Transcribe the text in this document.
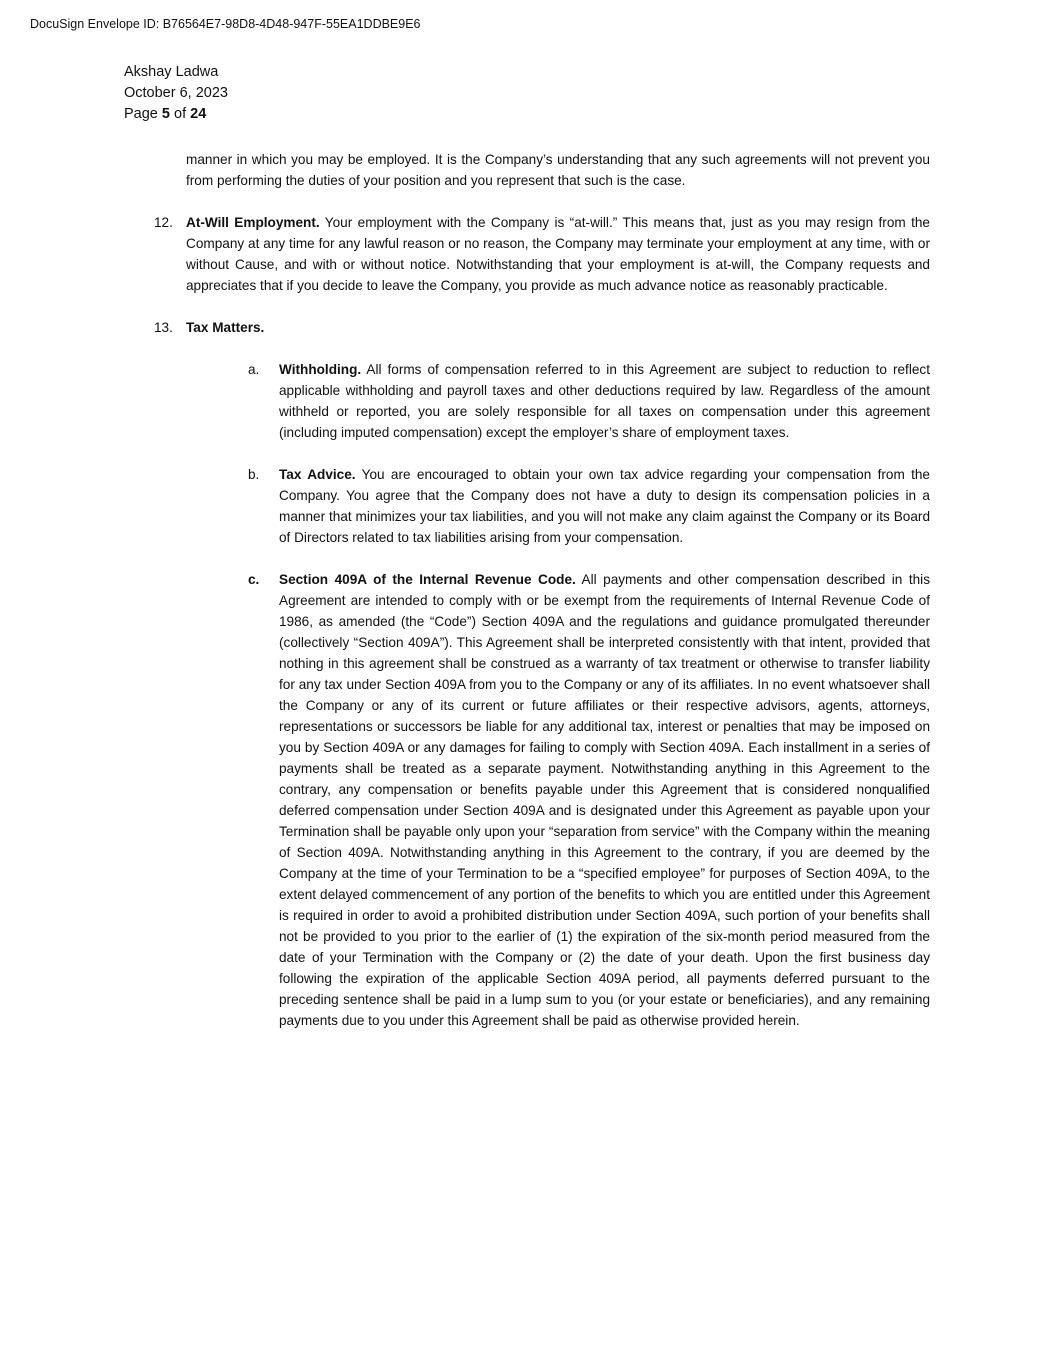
DocuSign Envelope ID: B76564E7-98D8-4D48-947F-55EA1DDBE9E6
Akshay Ladwa
October 6, 2023
Page 5 of 24

manner in which you may be employed. It is the Company’s understanding that any such agreements will not prevent you from performing the duties of your position and you represent that such is the case.

12. At-Will Employment. Your employment with the Company is “at-will.” This means that, just as you may resign from the Company at any time for any lawful reason or no reason, the Company may terminate your employment at any time, with or without Cause, and with or without notice. Notwithstanding that your employment is at-will, the Company requests and appreciates that if you decide to leave the Company, you provide as much advance notice as reasonably practicable.
13. Tax Matters.
a. Withholding. All forms of compensation referred to in this Agreement are subject to reduction to reflect applicable withholding and payroll taxes and other deductions required by law. Regardless of the amount withheld or reported, you are solely responsible for all taxes on compensation under this agreement (including imputed compensation) except the employer’s share of employment taxes.
b. Tax Advice. You are encouraged to obtain your own tax advice regarding your compensation from the Company. You agree that the Company does not have a duty to design its compensation policies in a manner that minimizes your tax liabilities, and you will not make any claim against the Company or its Board of Directors related to tax liabilities arising from your compensation.
c. Section 409A of the Internal Revenue Code. All payments and other compensation described in this Agreement are intended to comply with or be exempt from the requirements of Internal Revenue Code of 1986, as amended (the “Code”) Section 409A and the regulations and guidance promulgated thereunder (collectively “Section 409A”). This Agreement shall be interpreted consistently with that intent, provided that nothing in this agreement shall be construed as a warranty of tax treatment or otherwise to transfer liability for any tax under Section 409A from you to the Company or any of its affiliates. In no event whatsoever shall the Company or any of its current or future affiliates or their respective advisors, agents, attorneys, representations or successors be liable for any additional tax, interest or penalties that may be imposed on you by Section 409A or any damages for failing to comply with Section 409A. Each installment in a series of payments shall be treated as a separate payment. Notwithstanding anything in this Agreement to the contrary, any compensation or benefits payable under this Agreement that is considered nonqualified deferred compensation under Section 409A and is designated under this Agreement as payable upon your Termination shall be payable only upon your “separation from service” with the Company within the meaning of Section 409A. Notwithstanding anything in this Agreement to the contrary, if you are deemed by the Company at the time of your Termination to be a “specified employee” for purposes of Section 409A, to the extent delayed commencement of any portion of the benefits to which you are entitled under this Agreement is required in order to avoid a prohibited distribution under Section 409A, such portion of your benefits shall not be provided to you prior to the earlier of (1) the expiration of the six-month period measured from the date of your Termination with the Company or (2) the date of your death. Upon the first business day following the expiration of the applicable Section 409A period, all payments deferred pursuant to the preceding sentence shall be paid in a lump sum to you (or your estate or beneficiaries), and any remaining payments due to you under this Agreement shall be paid as otherwise provided herein.
